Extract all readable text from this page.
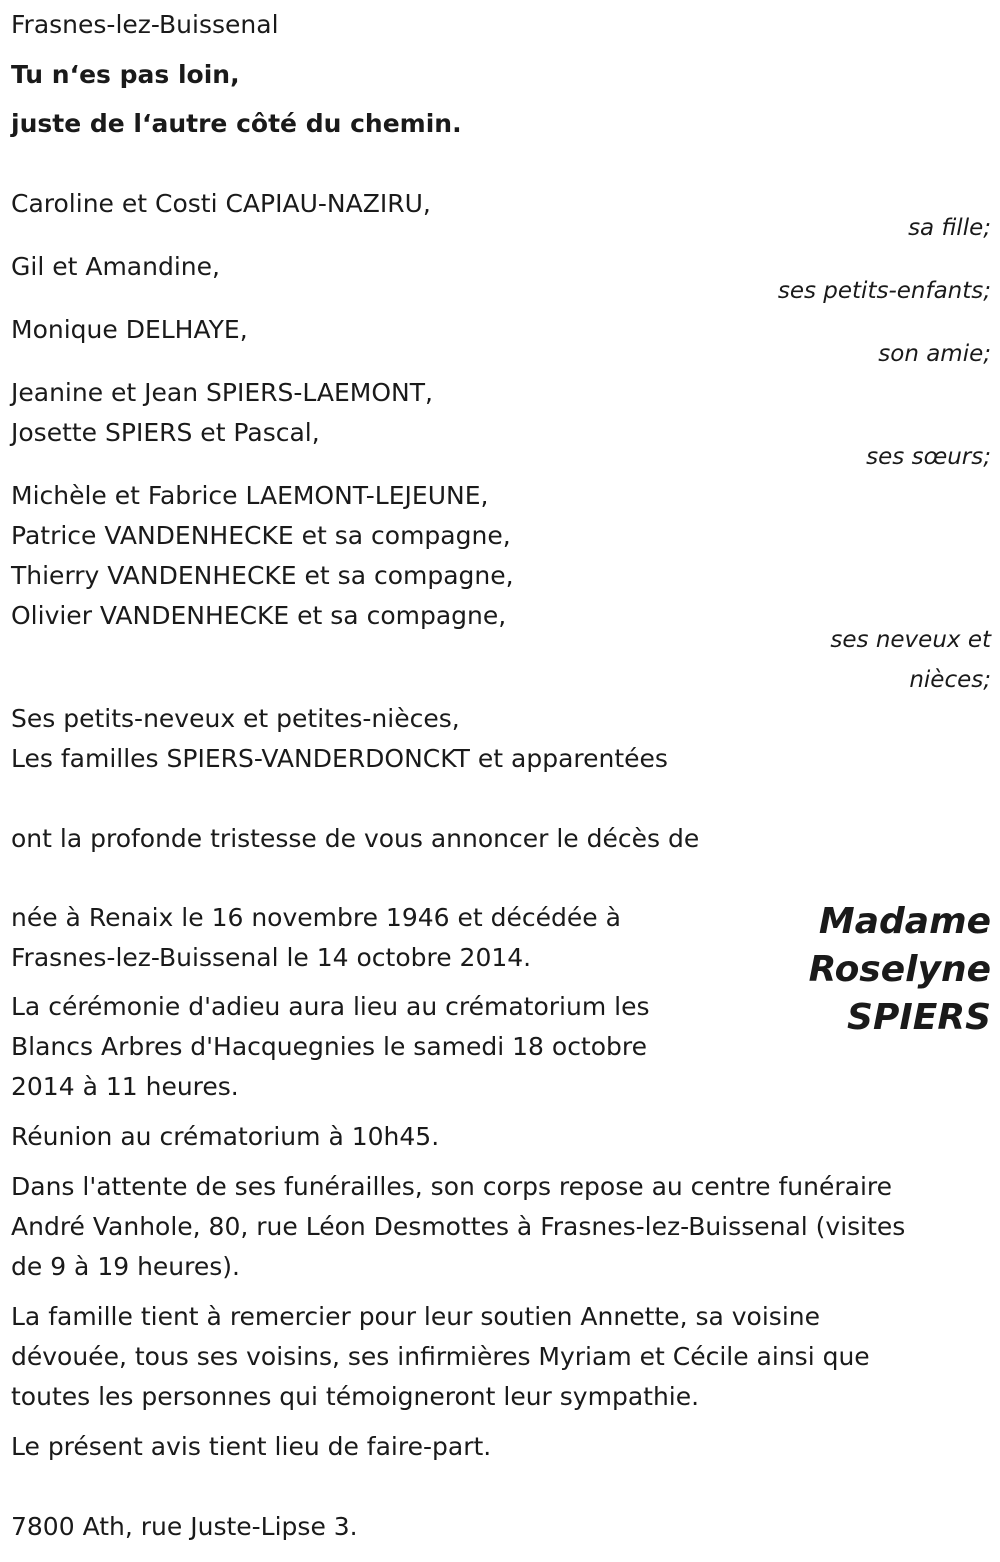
Frasnes-lez-Buissenal
Tu n‘es pas loin,
juste de l‘autre côté du chemin.
Caroline et Costi CAPIAU-NAZIRU,
sa fille;
Gil et Amandine,
ses petits-enfants;
Monique DELHAYE,
son amie;
Jeanine et Jean SPIERS-LAEMONT,
Josette SPIERS et Pascal,
ses sœurs;
Michèle et Fabrice LAEMONT-LEJEUNE,
Patrice VANDENHECKE et sa compagne,
Thierry VANDENHECKE et sa compagne,
Olivier VANDENHECKE et sa compagne,
ses neveux et
nièces;
Ses petits-neveux et petites-nièces,
Les familles SPIERS-VANDERDONCKT et apparentées
ont la profonde tristesse de vous annoncer le décès de
Madame
Roselyne
SPIERS
née à Renaix le 16 novembre 1946 et décédée à
Frasnes-lez-Buissenal le 14 octobre 2014.
La cérémonie d'adieu aura lieu au crématorium les
Blancs Arbres d'Hacquegnies le samedi 18 octobre
2014 à 11 heures.
Réunion au crématorium à 10h45.
Dans l'attente de ses funérailles, son corps repose au centre funéraire
André Vanhole, 80, rue Léon Desmottes à Frasnes-lez-Buissenal (visites
de 9 à 19 heures).
La famille tient à remercier pour leur soutien Annette, sa voisine
dévouée, tous ses voisins, ses infirmières Myriam et Cécile ainsi que
toutes les personnes qui témoigneront leur sympathie.
Le présent avis tient lieu de faire-part.
7800 Ath, rue Juste-Lipse 3.
